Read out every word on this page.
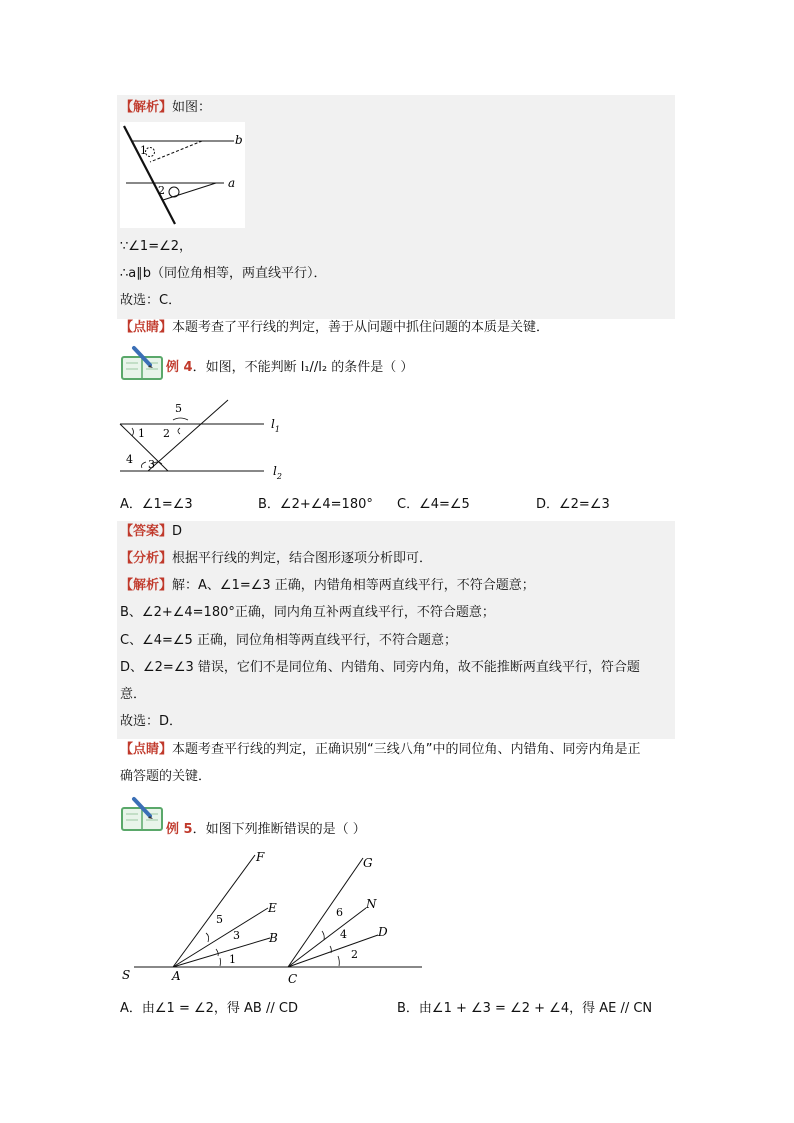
【解析】如图：
b
a
1
2
∵∠1=∠2，
∴a∥b（同位角相等，两直线平行）．
故选：C．
【点睛】本题考查了平行线的判定，善于从问题中抓住问题的本质是关键．
例 4．如图，不能判断 l₁//l₂ 的条件是（ ）
1 2
3
4
5
$l_1$
$l_2$
A．∠1=∠3	B．∠2+∠4=180° C．∠4=∠5	D．∠2=∠3
【答案】D
【分析】根据平行线的判定，结合图形逐项分析即可．
【解析】解：A、∠1=∠3 正确，内错角相等两直线平行，不符合题意；
B、∠2+∠4=180°正确，同内角互补两直线平行，不符合题意；
C、∠4=∠5 正确，同位角相等两直线平行，不符合题意；
D、∠2=∠3 错误，它们不是同位角、内错角、同旁内角，故不能推断两直线平行，符合题
意．
故选：D．
【点睛】本题考查平行线的判定，正确识别“三线八角”中的同位角、内错角、同旁内角是正
确答题的关键．
例 5．如图下列推断错误的是（ ）
F
E
B
S	A	C
G
N
D
5
3
1
6
4
2
A．由∠1 = ∠2，得 AB // CD	B．由∠1 + ∠3 = ∠2 + ∠4，得 AE // CN
